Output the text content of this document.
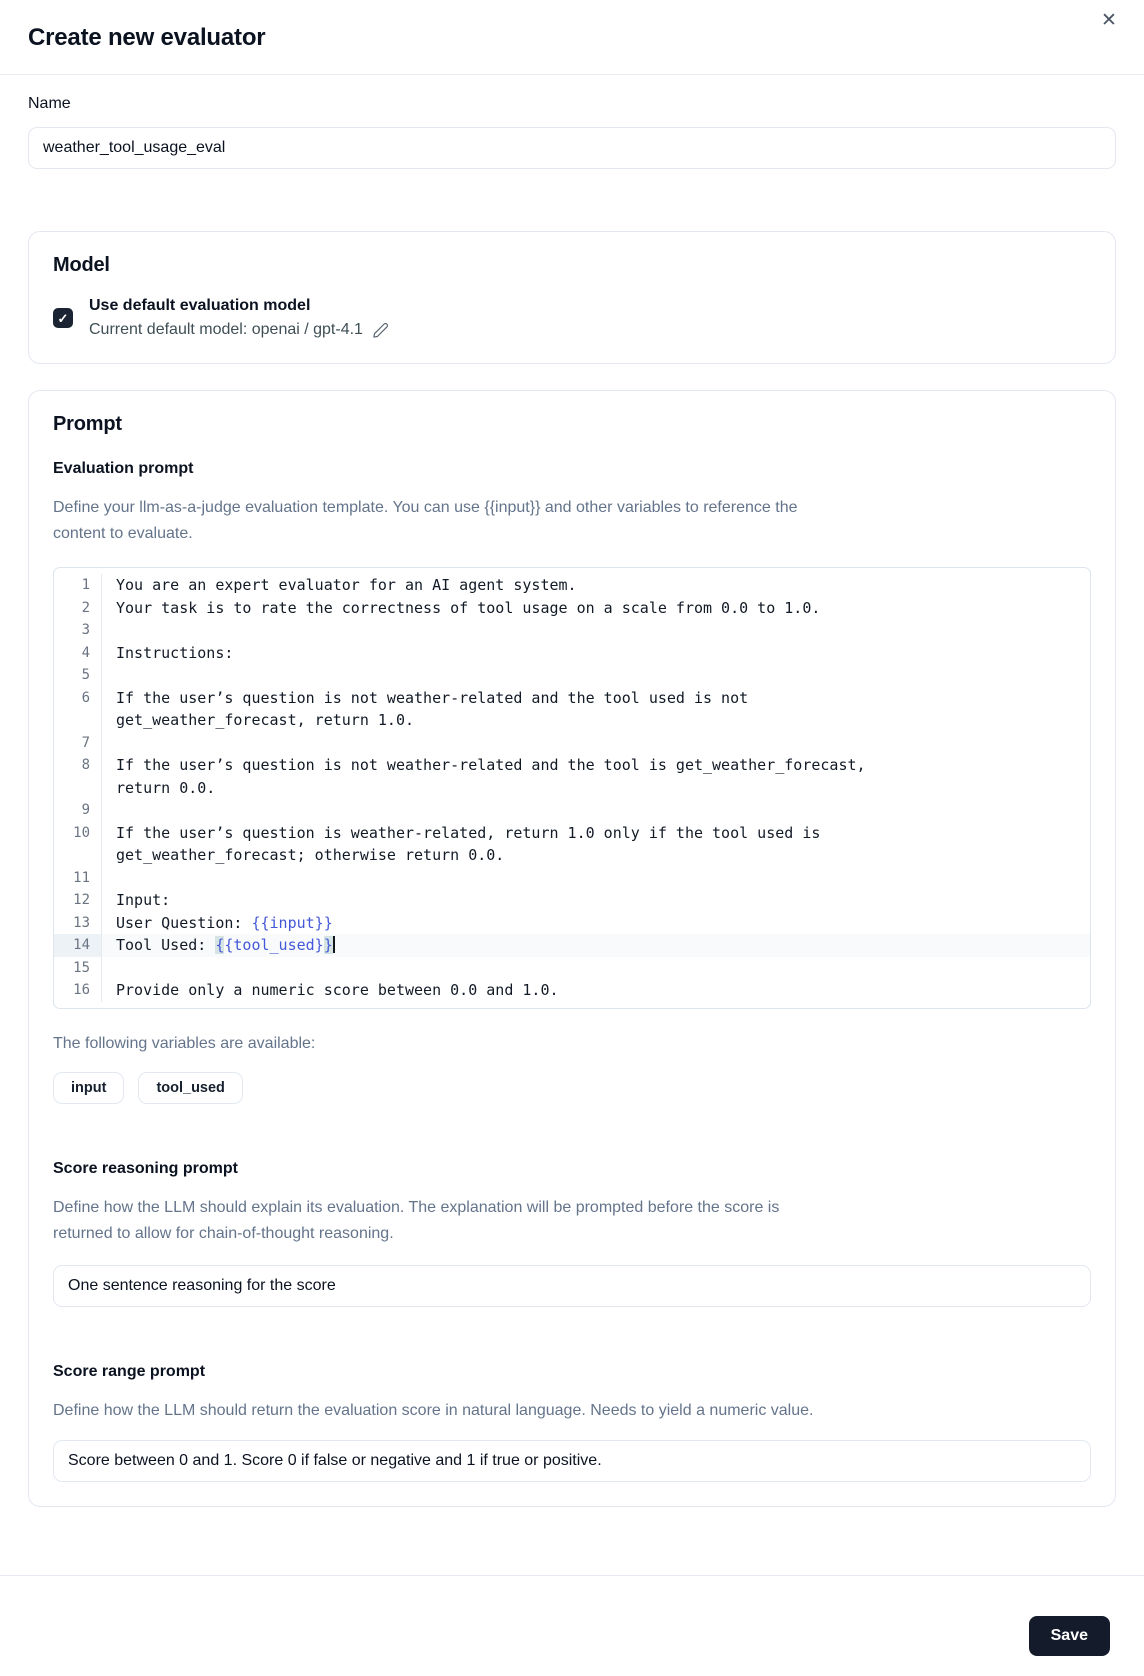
Create new evaluator
✕
Name
weather_tool_usage_eval
Model
✓
Use default evaluation model
Current default model: openai / gpt-4.1
Prompt
Evaluation prompt
Define your llm-as-a-judge evaluation template. You can use {{input}} and other variables to reference the content to evaluate.
1	You are an expert evaluator for an AI agent system.
2	Your task is to rate the correctness of tool usage on a scale from 0.0 to 1.0.
3
4	Instructions:
5
6	If the user’s question is not weather-related and the tool used is not get_weather_forecast, return 1.0.
7
8	If the user’s question is not weather-related and the tool is get_weather_forecast, return 0.0.
9
10	If the user’s question is weather-related, return 1.0 only if the tool used is get_weather_forecast; otherwise return 0.0.
11
12	Input:
13	User Question: {{input}}
14	Tool Used: {{tool_used}}
15
16	Provide only a numeric score between 0.0 and 1.0.
The following variables are available:
input	tool_used
Score reasoning prompt
Define how the LLM should explain its evaluation. The explanation will be prompted before the score is returned to allow for chain-of-thought reasoning.
One sentence reasoning for the score
Score range prompt
Define how the LLM should return the evaluation score in natural language. Needs to yield a numeric value.
Score between 0 and 1. Score 0 if false or negative and 1 if true or positive.
Save
